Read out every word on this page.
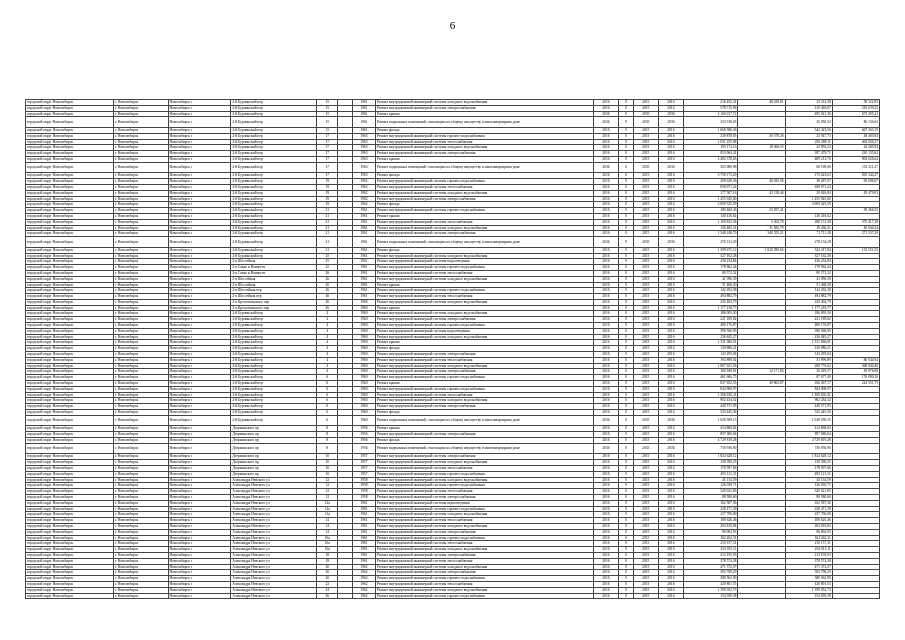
6
городской округ Новосибирск	г. Новосибирск	Новосибирск г	2-й Бурлинский пер	15		1961	Ремонт внутридомовой инженерной системы холодного водоснабжения	2016	0	2015	2016	216 435,41	48 439,81	43 314,38	58 322,83
городской округ Новосибирск	г. Новосибирск	Новосибирск г	2-й Бурлинский пер	15		1961	Ремонт внутридомовой инженерной системы электроснабжения	2016	0	2015	2016	578 715,96		120 465,87	210 039,32
городской округ Новосибирск	г. Новосибирск	Новосибирск г	2-й Бурлинский пер	15		1961	Ремонт крыши	2036	0	2035	2036	2 160 017,72		495 021,36	673 205,21
городской округ Новосибирск	г. Новосибирск	Новосибирск г	2-й Бурлинский пер	15		1961	Ремонт подвальных помещений, относящихся к общему имуществу в многоквартирном доме	2036	0	2035	2036	233 918,03		45 050,32	86 134,04
городской округ Новосибирск	г. Новосибирск	Новосибирск г	2-й Бурлинский пер	15		1961	Ремонт фасада	2016	0	2015	2016	1 668 586,36		342 423,56	667 363,19
городской округ Новосибирск	г. Новосибирск	Новосибирск г	2-й Бурлинский пер	17		1963	Ремонт внутридомовой инженерной системы горячего водоснабжения	2016	0	2015	2016	230 878,65	30 579,26	25 947,73	48 403,94
городской округ Новосибирск	г. Новосибирск	Новосибирск г	2-й Бурлинский пер	17		1963	Ремонт внутридомовой инженерной системы теплоснабжения	2016	0	2015	2016	1 031 255,08		258 288,11	402 036,37
городской округ Новосибирск	г. Новосибирск	Новосибирск г	2-й Бурлинский пер	17		1963	Ремонт внутридомовой инженерной системы холодного водоснабжения	2016	0	2015	2016	193 172,16	18 466,55	22 992,23	44 285,94
городской округ Новосибирск	г. Новосибирск	Новосибирск г	2-й Бурлинский пер	17		1963	Ремонт внутридомовой инженерной системы электроснабжения	2016	0	2015	2016	853 064,41		397 479,71	220 135,62
городской округ Новосибирск	г. Новосибирск	Новосибирск г	2-й Бурлинский пер	17		1963	Ремонт крыши	2016	0	2015	2016	2 492 378,63		489 212,76	904 626,64
городской округ Новосибирск	г. Новосибирск	Новосибирск г	2-й Бурлинский пер	17		1963	Ремонт подвальных помещений, относящихся к общему имуществу в многоквартирном доме	2036	0	2035	2036	303 080,98		68 188,06	101 211,27
городской округ Новосибирск	г. Новосибирск	Новосибирск г	2-й Бурлинский пер	17		1963	Ремонт фасада	2016	0	2015	2016	3 758 173,20		173 623,63	835 344,27
городской округ Новосибирск	г. Новосибирск	Новосибирск г	2-й Бурлинский пер	19		1962	Ремонт внутридомовой инженерной системы горячего водоснабжения	2016	0	2015	2016	208 628,36	46 043,56	38 287,07	69 696,67
городской округ Новосибирск	г. Новосибирск	Новосибирск г	2-й Бурлинский пер	19		1962	Ремонт внутридомовой инженерной системы теплоснабжения	2016	0	2015	2016	658 071,22		658 071,22	
городской округ Новосибирск	г. Новосибирск	Новосибирск г	2-й Бурлинский пер	19		1962	Ремонт внутридомовой инженерной системы холодного водоснабжения	2016	0	2015	2016	177 507,16	42 158,44	29 826,84	49 479,03
городской округ Новосибирск	г. Новосибирск	Новосибирск г	2-й Бурлинский пер	19		1962	Ремонт внутридомовой инженерной системы электроснабжения	2016	0	2015	2016	1 255 945,00		1 255 945,00	
городской округ Новосибирск	г. Новосибирск	Новосибирск г	2-й Бурлинский пер	19		1962	Ремонт фасада	2016	0	2015	2016	3 009 325,59		3 009 325,59	
городской округ Новосибирск	г. Новосибирск	Новосибирск г	2-й Бурлинский пер	21		1961	Ремонт внутридомовой инженерной системы горячего водоснабжения	2016	0	2015	2016	180 460,43	25 837,41		58 366,55
городской округ Новосибирск	г. Новосибирск	Новосибирск г	2-й Бурлинский пер	21		1961	Ремонт крыши	2016	0	2015	2016	140 416,62		140 416,62	
городской округ Новосибирск	г. Новосибирск	Новосибирск г	2-й Бурлинский пер	21		1961	Ремонт внутридомовой инженерной системы теплоснабжения	2016	0	2015	2016	1 169 823,36	5 302,78	280 131,30	375 417,18
городской округ Новосибирск	г. Новосибирск	Новосибирск г	2-й Бурлинский пер	21		1961	Ремонт внутридомовой инженерной системы холодного водоснабжения	2016	0	2015	2016	156 465,31	31 582,79	19 436,41	40 944,44
городской округ Новосибирск	г. Новосибирск	Новосибирск г	2-й Бурлинский пер	21		1961	Ремонт внутридомовой инженерной системы электроснабжения	2016	0	2015	2016	1 348 248,70	340 555,21	71 711,28	271 537,29
городской округ Новосибирск	г. Новосибирск	Новосибирск г	2-й Бурлинский пер	21		1961	Ремонт подвальных помещений, относящихся к общему имуществу в многоквартирном доме	2036	0	2035	2036	278 154,29		278 154,29	
городской округ Новосибирск	г. Новосибирск	Новосибирск г	2-й Бурлинский пер	21		1961	Ремонт фасада	2016	0	2015	2016	1 399 675,12	1 020 590,64	342 417,84	135 551,53
городской округ Новосибирск	г. Новосибирск	Новосибирск г	2-й Бурлинский пер	25		1961	Ремонт внутридомовой инженерной системы холодного водоснабжения	2016	0	2015	2016	327 162,38		327 162,38	
городской округ Новосибирск	г. Новосибирск	Новосибирск г	2-я Шоссейная	25		1961	Ремонт внутридомовой инженерной системы водоотведения	2016	0	2015	2016	436 234,84		436 234,84	
городской округ Новосибирск	г. Новосибирск	Новосибирск г	2-я Сакко и Ванцетти	25		1961	Ремонт внутридомовой инженерной системы горячего водоснабжения	2016	0	2015	2016	178 962,44		178 962,44	
городской округ Новосибирск	г. Новосибирск	Новосибирск г	2-я Сакко и Ванцетти	26		1961	Ремонт внутридомовой инженерной системы теплоснабжения	2016	0	2015	2016	80 572,32		80 572,32	
городской округ Новосибирск	г. Новосибирск	Новосибирск г	2-я Шоссейная	26		1961	Ремонт внутридомовой инженерной системы холодного водоснабжения	2016	0	2015	2016	41 096,39		41 096,39	
городской округ Новосибирск	г. Новосибирск	Новосибирск г	2-я Шоссейная	26		1961	Ремонт крыши	2016	0	2015	2016	51 468,20		51 468,20	
городской округ Новосибирск	г. Новосибирск	Новосибирск г	2-я Шоссейная пер	26		1961	Ремонт внутридомовой инженерной системы горячего водоснабжения	2016	0	2015	2016	142 292,38		142 292,38	
городской округ Новосибирск	г. Новосибирск	Новосибирск г	2-я Шоссейная пер	26		1961	Ремонт внутридомовой инженерной системы теплоснабжения	2016	0	2015	2016	494 882,79		494 882,79	
городской округ Новосибирск	г. Новосибирск	Новосибирск г	2-я Кропоткинского пер	26		1960	Ремонт внутридомовой инженерной системы холодного водоснабжения	2016	0	2015	2016	245 404,79		245 404,79	
городской округ Новосибирск	г. Новосибирск	Новосибирск г	2-я Кропоткинского пер	26		1960	Ремонт крыши	2016	0	2015	2016	1 177 218,77		1 177 218,77	
городской округ Новосибирск	г. Новосибирск	Новосибирск г	2-й Бурлинский пер	2		1960	Ремонт внутридомовой инженерной системы холодного водоснабжения	2016	0	2015	2016	186 003,30		186 003,30	
городской округ Новосибирск	г. Новосибирск	Новосибирск г	2-й Бурлинский пер	2		1960	Ремонт внутридомовой инженерной системы электроснабжения	2016	0	2015	2016	221 189,82		221 189,82	
городской округ Новосибирск	г. Новосибирск	Новосибирск г	2-й Бурлинский пер	4		1960	Ремонт внутридомовой инженерной системы горячего водоснабжения	2016	0	2015	2016	480 176,87		480 176,87	
городской округ Новосибирск	г. Новосибирск	Новосибирск г	2-й Бурлинский пер	4		1960	Ремонт внутридомовой инженерной системы водоотведения	2016	0	2015	2016	396 566,95		396 566,95	
городской округ Новосибирск	г. Новосибирск	Новосибирск г	2-й Бурлинский пер	4		1960	Ремонт внутридомовой инженерной системы холодного водоснабжения	2016	0	2015	2016	236 845,27		236 845,27	
городской округ Новосибирск	г. Новосибирск	Новосибирск г	2-й Бурлинский пер	4		1960	Ремонт крыши	2016	0	2015	2016	1 331 066,01		1 331 066,01	
городской округ Новосибирск	г. Новосибирск	Новосибирск г	2-й Бурлинский пер	4		1960	Ремонт фасада	2016	0	2015	2016	130 886,21		130 886,21	
городской округ Новосибирск	г. Новосибирск	Новосибирск г	2-й Бурлинский пер	4		1960	Ремонт внутридомовой инженерной системы электроснабжения	2016	0	2015	2016	143 295,04		143 295,04	
городской округ Новосибирск	г. Новосибирск	Новосибирск г	2-й Бурлинский пер	4		1960	Ремонт внутридомовой инженерной системы теплоснабжения	2016	0	2015	2016	194 898,02		51 996,89	80 944,94
городской округ Новосибирск	г. Новосибирск	Новосибирск г	2-й Бурлинский пер	4		1960	Ремонт внутридомовой инженерной системы холодного водоснабжения	2016	0	2015	2016	1 067 631,56		208 776,62	368 840,46
городской округ Новосибирск	г. Новосибирск	Новосибирск г	2-й Бурлинский пер	4		1960	Ремонт внутридомовой инженерной системы электроснабжения	2016	0	2015	2016	182 949,81	12 171,84	36 249,37	49 876,08
городской округ Новосибирск	г. Новосибирск	Новосибирск г	2-й Бурлинский пер	6		1960	Ремонт внутридомовой инженерной системы горячего водоснабжения	2016	0	2015	2016	461 606,75		87 677,49	176 090,16
городской округ Новосибирск	г. Новосибирск	Новосибирск г	2-й Бурлинский пер	6		1960	Ремонт крыши	2016	0	2015	2016	827 652,53	49 863,87	166 567,17	244 551,75
городской округ Новосибирск	г. Новосибирск	Новосибирск г	2-й Бурлинский пер	6		1960	Ремонт внутридомовой инженерной системы горячего водоснабжения	2016	0	2015	2016	844 908,97		844 908,97	
городской округ Новосибирск	г. Новосибирск	Новосибирск г	2-й Бурлинский пер	6		1960	Ремонт внутридомовой инженерной системы теплоснабжения	2016	0	2015	2016	1 306 630,41		1 306 630,41	
городской округ Новосибирск	г. Новосибирск	Новосибирск г	2-й Бурлинский пер	6		1960	Ремонт внутридомовой инженерной системы холодного водоснабжения	2016	0	2015	2016	902 434,32		902 434,32	
городской округ Новосибирск	г. Новосибирск	Новосибирск г	2-й Бурлинский пер	6		1960	Ремонт внутридомовой инженерной системы электроснабжения	2016	0	2015	2016	440 571,95		440 571,95	
городской округ Новосибирск	г. Новосибирск	Новосибирск г	2-й Бурлинский пер	6		1960	Ремонт фасада	2016	0	2015	2016	335 445,36		335 445,36	
городской округ Новосибирск	г. Новосибирск	Новосибирск г	2-й Бурлинский пер	6		1960	Ремонт подвальных помещений, относящихся к общему имуществу в многоквартирном доме	2036	0	2035	2036	1 028 590,15		1 028 590,15	
городской округ Новосибирск	г. Новосибирск	Новосибирск г	Дзержинского пр	8		1956	Ремонт крыши	2016	0	2015	2016	414 868,82		414 868,82	
городской округ Новосибирск	г. Новосибирск	Новосибирск г	Дзержинского пр	8		1956	Ремонт внутридомовой инженерной системы электроснабжения	2016	0	2015	2016	897 680,64		897 680,64	
городской округ Новосибирск	г. Новосибирск	Новосибирск г	Дзержинского пр	8		1956	Ремонт фасада	2016	0	2015	2016	4 729 819,28		4 729 819,28	
городской округ Новосибирск	г. Новосибирск	Новосибирск г	Дзержинского пр	8		1956	Ремонт подвальных помещений, относящихся к общему имуществу в многоквартирном доме	2036	0	2035	2036	756 936,90		756 936,90	
городской округ Новосибирск	г. Новосибирск	Новосибирск г	Дзержинского пр	10		1957	Ремонт внутридомовой инженерной системы электроснабжения	2016	0	2015	2016	1 824 628,12		1 824 628,12	
городской округ Новосибирск	г. Новосибирск	Новосибирск г	Дзержинского пр	10		1957	Ремонт внутридомовой инженерной системы холодного водоснабжения	2016	0	2015	2016	139 390,25		139 390,25	
городской округ Новосибирск	г. Новосибирск	Новосибирск г	Дзержинского пр	10		1957	Ремонт внутридомовой инженерной системы теплоснабжения	2016	0	2015	2016	178 597,66		178 597,66	
городской округ Новосибирск	г. Новосибирск	Новосибирск г	Дзержинского пр	10		1957	Ремонт внутридомовой инженерной системы горячего водоснабжения	2016	0	2015	2016	493 121,31		493 121,31	
городской округ Новосибирск	г. Новосибирск	Новосибирск г	Александра Невского ул	12		1958	Ремонт внутридомовой инженерной системы холодного водоснабжения	2016	0	2015	2016	45 134,59		45 134,59	
городской округ Новосибирск	г. Новосибирск	Новосибирск г	Александра Невского ул	12		1958	Ремонт внутридомовой инженерной системы горячего водоснабжения	2016	0	2015	2016	126 039,71		126 039,71	
городской округ Новосибирск	г. Новосибирск	Новосибирск г	Александра Невского ул	12		1958	Ремонт внутридомовой инженерной системы теплоснабжения	2016	0	2015	2016	320 021,85		320 021,85	
городской округ Новосибирск	г. Новосибирск	Новосибирск г	Александра Невского ул	12		1958	Ремонт внутридомовой инженерной системы электроснабжения	2016	0	2015	2016	88 580,60		88 580,60	
городской округ Новосибирск	г. Новосибирск	Новосибирск г	Александра Невского ул	12а		1961	Ремонт внутридомовой инженерной системы водоотведения	2016	0	2015	2016	162 587,36		162 587,36	
городской округ Новосибирск	г. Новосибирск	Новосибирск г	Александра Невского ул	12а		1961	Ремонт внутридомовой инженерной системы горячего водоснабжения	2016	0	2015	2016	228 471,39		228 471,39	
городской округ Новосибирск	г. Новосибирск	Новосибирск г	Александра Невского ул	12а		1961	Ремонт внутридомовой инженерной системы холодного водоснабжения	2016	0	2015	2016	237 796,00		237 796,00	
городской округ Новосибирск	г. Новосибирск	Новосибирск г	Александра Невского ул	14		1961	Ремонт внутридомовой инженерной системы теплоснабжения	2016	0	2015	2016	180 626,46		180 626,46	
городской округ Новосибирск	г. Новосибирск	Новосибирск г	Александра Невского ул	14		1961	Ремонт внутридомовой инженерной системы холодного водоснабжения	2016	0	2015	2016	204 819,84		204 819,84	
городской округ Новосибирск	г. Новосибирск	Новосибирск г	Александра Невского ул	14		1961	Ремонт внутридомовой инженерной системы электроснабжения	2016	0	2015	2016	96 002,93		96 002,93	
городской округ Новосибирск	г. Новосибирск	Новосибирск г	Александра Невского ул	16а		1961	Ремонт внутридомовой инженерной системы горячего водоснабжения	2016	0	2015	2016	162 262,31		162 262,31	
городской округ Новосибирск	г. Новосибирск	Новосибирск г	Александра Невского ул	16а		1961	Ремонт внутридомовой инженерной системы теплоснабжения	2016	0	2015	2016	210 157,31		210 157,31	
городской округ Новосибирск	г. Новосибирск	Новосибирск г	Александра Невского ул	16а		1961	Ремонт внутридомовой инженерной системы холодного водоснабжения	2016	0	2015	2016	234 015,11		234 015,11	
городской округ Новосибирск	г. Новосибирск	Новосибирск г	Александра Невского ул	18		1961	Ремонт внутридомовой инженерной системы электроснабжения	2016	0	2015	2016	213 195,03		213 195,03	
городской округ Новосибирск	г. Новосибирск	Новосибирск г	Александра Невского ул	18		1961	Ремонт внутридомовой инженерной системы теплоснабжения	2016	0	2015	2016	378 574,38		378 574,38	
городской округ Новосибирск	г. Новосибирск	Новосибирск г	Александра Невского ул	20		1962	Ремонт внутридомовой инженерной системы холодного водоснабжения	2016	0	2015	2016	471 372,07		471 372,07	
городской округ Новосибирск	г. Новосибирск	Новосибирск г	Александра Невского ул	20		1962	Ремонт внутридомовой инженерной системы электроснабжения	2016	0	2015	2016	305 798,29		305 798,29	
городской округ Новосибирск	г. Новосибирск	Новосибирск г	Александра Невского ул	20		1962	Ремонт внутридомовой инженерной системы горячего водоснабжения	2016	0	2015	2016	380 562,90		380 562,90	
городской округ Новосибирск	г. Новосибирск	Новосибирск г	Александра Невского ул	22		1962	Ремонт внутридомовой инженерной системы теплоснабжения	2016	0	2015	2016	420 801,55		420 801,55	
городской округ Новосибирск	г. Новосибирск	Новосибирск г	Александра Невского ул	24		1962	Ремонт внутридомовой инженерной системы холодного водоснабжения	2016	0	2015	2016	1 399 052,73		1 399 052,73	
городской округ Новосибирск	г. Новосибирск	Новосибирск г	Александра Невского ул	26		1962	Ремонт внутридомовой инженерной системы горячего водоснабжения	2016	0	2015	2016	154 039,38		154 039,38	
